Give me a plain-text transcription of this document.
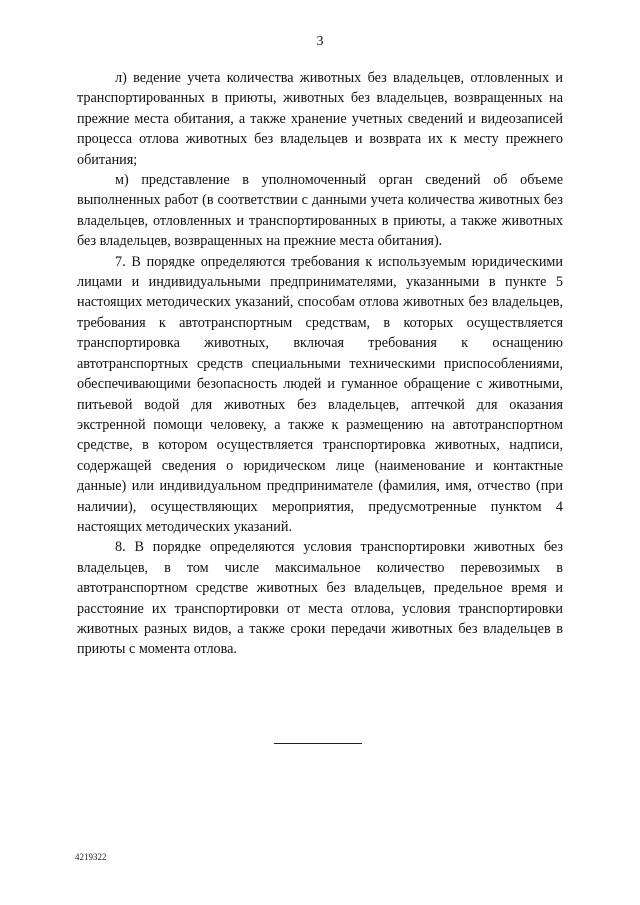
3

л) ведение учета количества животных без владельцев, отловленных и транспортированных в приюты, животных без владельцев, возвращенных на прежние места обитания, а также хранение учетных сведений и видеозаписей процесса отлова животных без владельцев и возврата их к месту прежнего обитания;

м) представление в уполномоченный орган сведений об объеме выполненных работ (в соответствии с данными учета количества животных без владельцев, отловленных и транспортированных в приюты, а также животных без владельцев, возвращенных на прежние места обитания).

7. В порядке определяются требования к используемым юридическими лицами и индивидуальными предпринимателями, указанными в пункте 5 настоящих методических указаний, способам отлова животных без владельцев, требования к автотранспортным средствам, в которых осуществляется транспортировка животных, включая требования к оснащению автотранспортных средств специальными техническими приспособлениями, обеспечивающими безопасность людей и гуманное обращение с животными, питьевой водой для животных без владельцев, аптечкой для оказания экстренной помощи человеку, а также к размещению на автотранспортном средстве, в котором осуществляется транспортировка животных, надписи, содержащей сведения о юридическом лице (наименование и контактные данные) или индивидуальном предпринимателе (фамилия, имя, отчество (при наличии), осуществляющих мероприятия, предусмотренные пунктом 4 настоящих методических указаний.

8. В порядке определяются условия транспортировки животных без владельцев, в том числе максимальное количество перевозимых в автотранспортном средстве животных без владельцев, предельное время и расстояние их транспортировки от места отлова, условия транспортировки животных разных видов, а также сроки передачи животных без владельцев в приюты с момента отлова.

4219322
